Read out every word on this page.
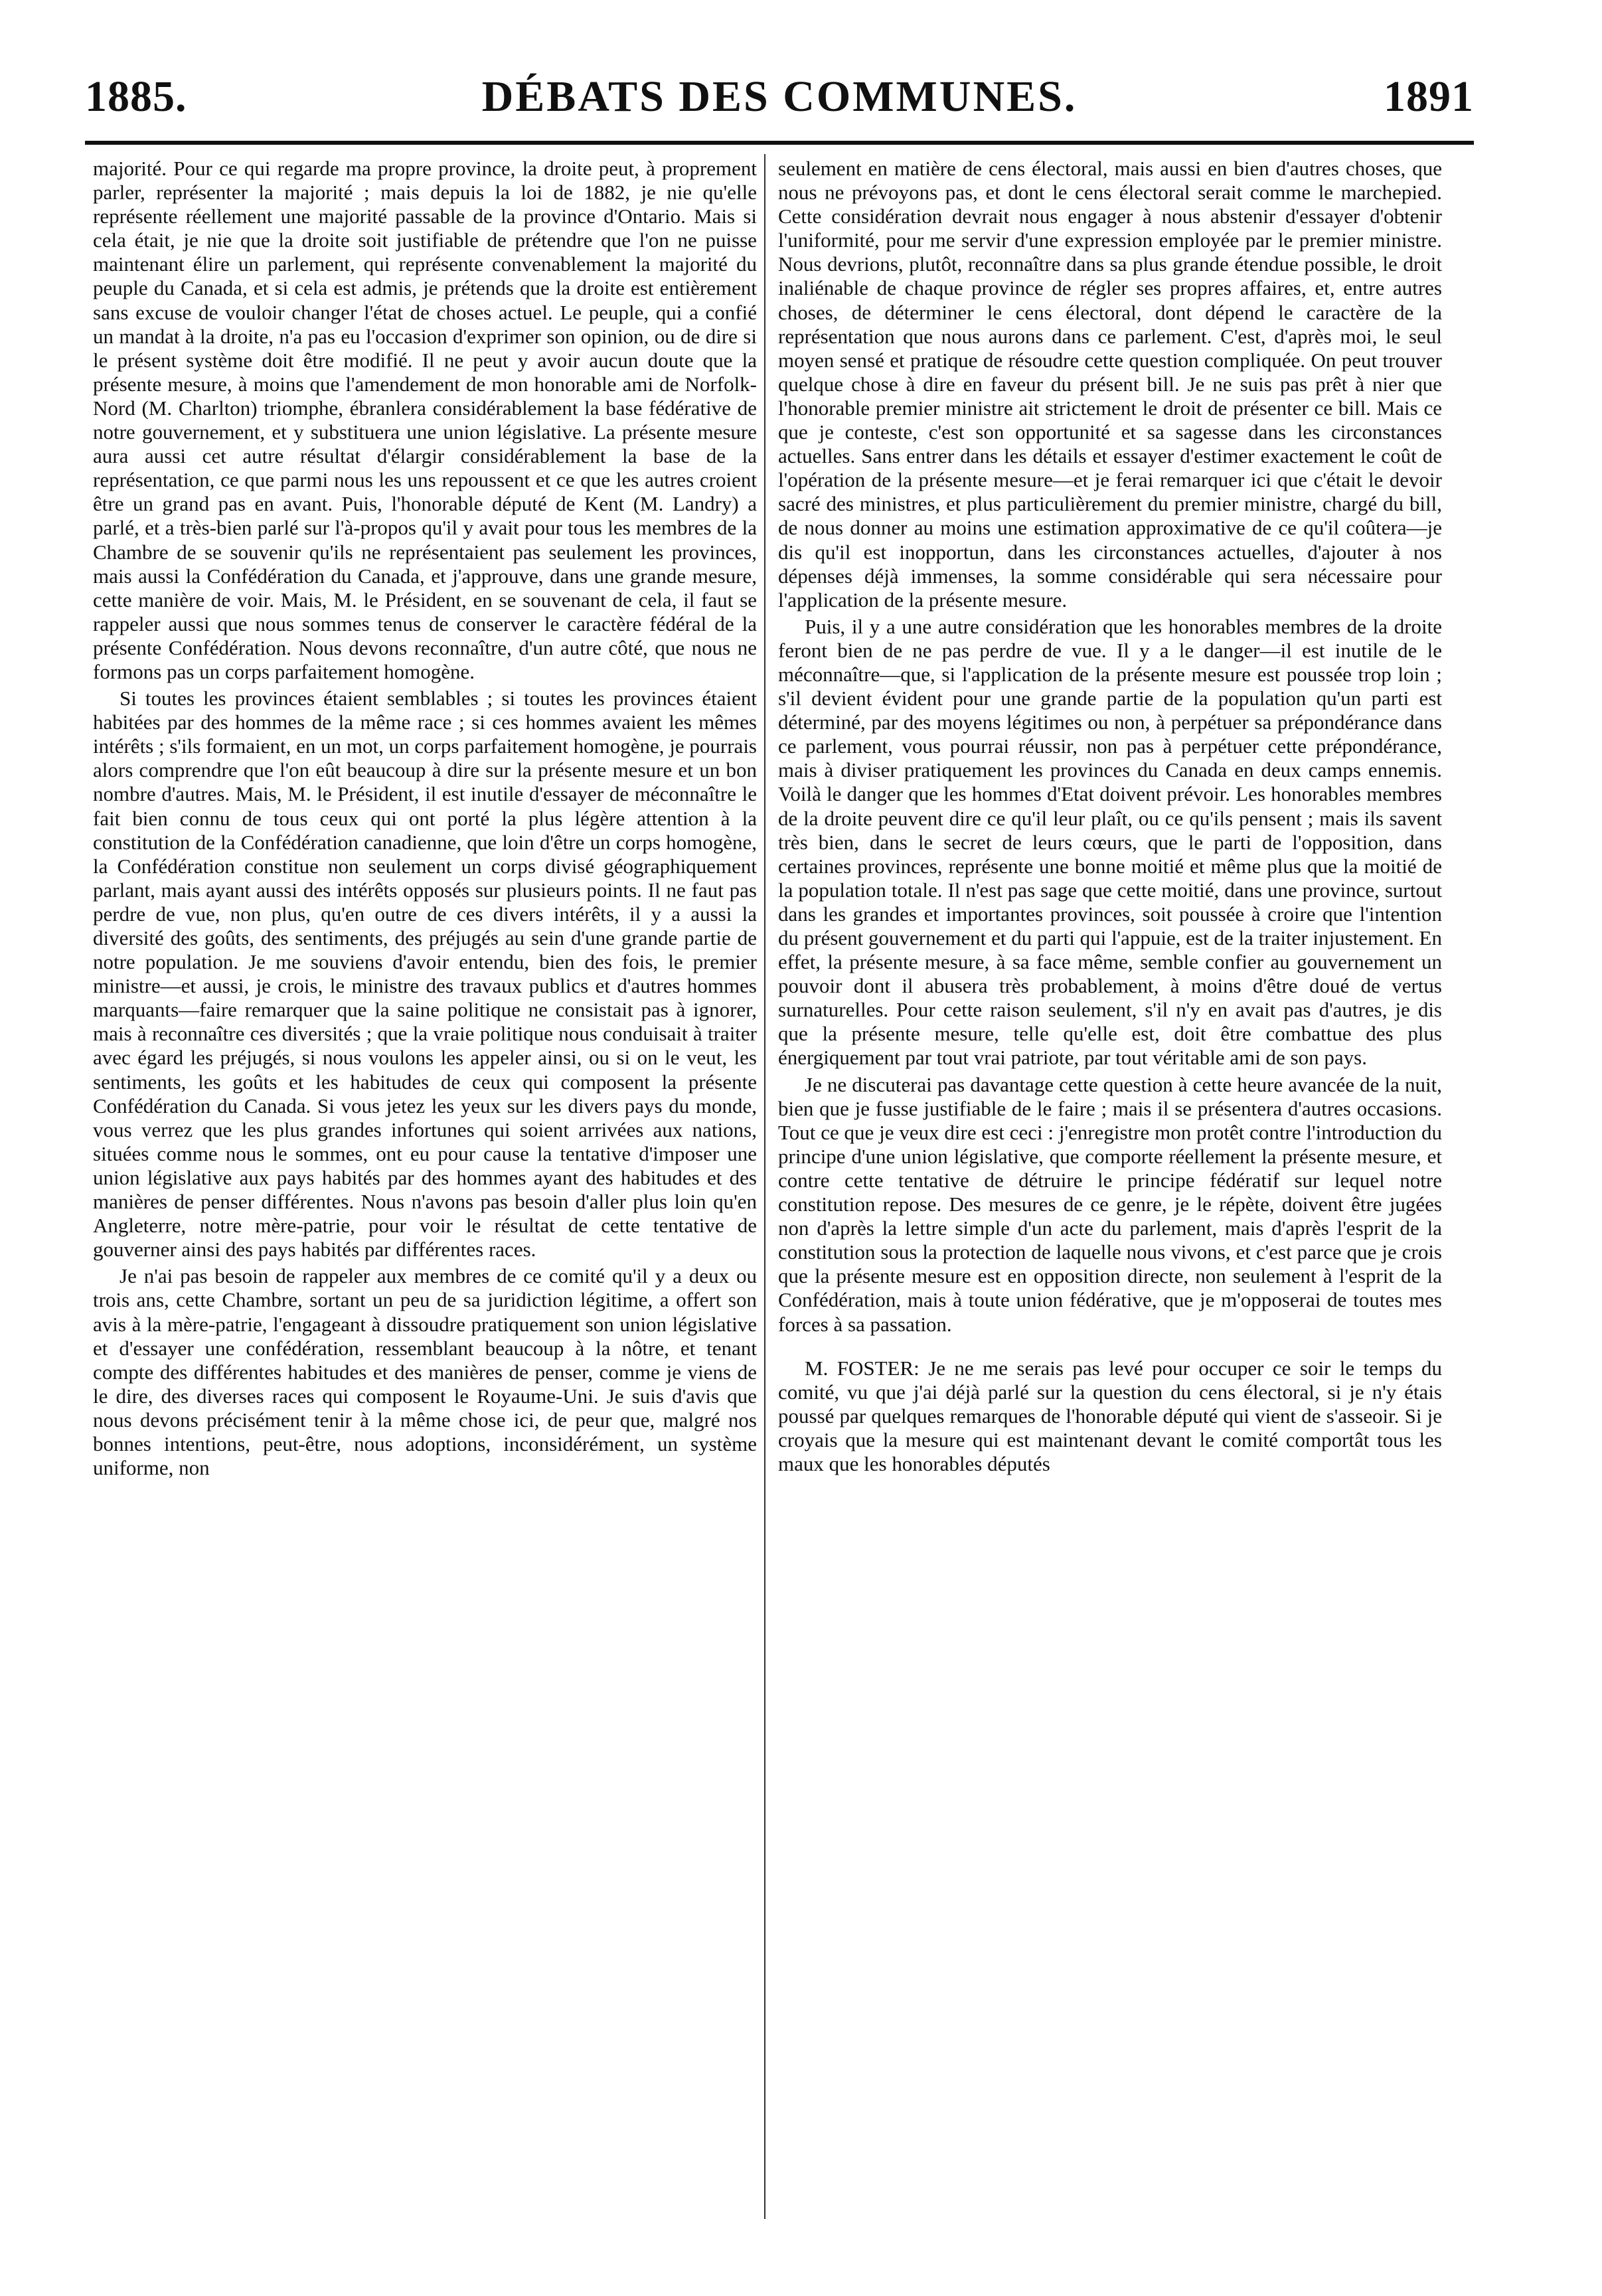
DÉBATS DES COMMUNES.
1885.	1891

majorité. Pour ce qui regarde ma propre province, la droite peut, à proprement parler, représenter la majorité ; mais depuis la loi de 1882, je nie qu'elle représente réellement une majorité passable de la province d'Ontario. Mais si cela était, je nie que la droite soit justifiable de prétendre que l'on ne puisse maintenant élire un parlement, qui représente convenablement la majorité du peuple du Canada, et si cela est admis, je prétends que la droite est entièrement sans excuse de vouloir changer l'état de choses actuel. Le peuple, qui a confié un mandat à la droite, n'a pas eu l'occasion d'exprimer son opinion, ou de dire si le présent système doit être modifié. Il ne peut y avoir aucun doute que la présente mesure, à moins que l'amendement de mon honorable ami de Norfolk-Nord (M. Charlton) triomphe, ébranlera considérablement la base fédérative de notre gouvernement, et y substituera une union législative. La présente mesure aura aussi cet autre résultat d'élargir considérablement la base de la représentation, ce que parmi nous les uns repoussent et ce que les autres croient être un grand pas en avant. Puis, l'honorable député de Kent (M. Landry) a parlé, et a très-bien parlé sur l'à-propos qu'il y avait pour tous les membres de la Chambre de se souvenir qu'ils ne représentaient pas seulement les provinces, mais aussi la Confédération du Canada, et j'approuve, dans une grande mesure, cette manière de voir. Mais, M. le Président, en se souvenant de cela, il faut se rappeler aussi que nous sommes tenus de conserver le caractère fédéral de la présente Confédération. Nous devons reconnaître, d'un autre côté, que nous ne formons pas un corps parfaitement homogène.

Si toutes les provinces étaient semblables ; si toutes les provinces étaient habitées par des hommes de la même race ; si ces hommes avaient les mêmes intérêts ; s'ils formaient, en un mot, un corps parfaitement homogène, je pourrais alors comprendre que l'on eût beaucoup à dire sur la présente mesure et un bon nombre d'autres. Mais, M. le Président, il est inutile d'essayer de méconnaître le fait bien connu de tous ceux qui ont porté la plus légère attention à la constitution de la Confédération canadienne, que loin d'être un corps homogène, la Confédération constitue non seulement un corps divisé géographiquement parlant, mais ayant aussi des intérêts opposés sur plusieurs points. Il ne faut pas perdre de vue, non plus, qu'en outre de ces divers intérêts, il y a aussi la diversité des goûts, des sentiments, des préjugés au sein d'une grande partie de notre population. Je me souviens d'avoir entendu, bien des fois, le premier ministre—et aussi, je crois, le ministre des travaux publics et d'autres hommes marquants—faire remarquer que la saine politique ne consistait pas à ignorer, mais à reconnaître ces diversités ; que la vraie politique nous conduisait à traiter avec égard les préjugés, si nous voulons les appeler ainsi, ou si on le veut, les sentiments, les goûts et les habitudes de ceux qui composent la présente Confédération du Canada. Si vous jetez les yeux sur les divers pays du monde, vous verrez que les plus grandes infortunes qui soient arrivées aux nations, situées comme nous le sommes, ont eu pour cause la tentative d'imposer une union législative aux pays habités par des hommes ayant des habitudes et des manières de penser différentes. Nous n'avons pas besoin d'aller plus loin qu'en Angleterre, notre mère-patrie, pour voir le résultat de cette tentative de gouverner ainsi des pays habités par différentes races.

Je n'ai pas besoin de rappeler aux membres de ce comité qu'il y a deux ou trois ans, cette Chambre, sortant un peu de sa juridiction légitime, a offert son avis à la mère-patrie, l'engageant à dissoudre pratiquement son union législative et d'essayer une confédération, ressemblant beaucoup à la nôtre, et tenant compte des différentes habitudes et des manières de penser, comme je viens de le dire, des diverses races qui composent le Royaume-Uni. Je suis d'avis que nous devons précisément tenir à la même chose ici, de peur que, malgré nos bonnes intentions, peut-être, nous adoptions, inconsidérément, un système uniforme, non

seulement en matière de cens électoral, mais aussi en bien d'autres choses, que nous ne prévoyons pas, et dont le cens électoral serait comme le marchepied. Cette considération devrait nous engager à nous abstenir d'essayer d'obtenir l'uniformité, pour me servir d'une expression employée par le premier ministre. Nous devrions, plutôt, reconnaître dans sa plus grande étendue possible, le droit inaliénable de chaque province de régler ses propres affaires, et, entre autres choses, de déterminer le cens électoral, dont dépend le caractère de la représentation que nous aurons dans ce parlement. C'est, d'après moi, le seul moyen sensé et pratique de résoudre cette question compliquée. On peut trouver quelque chose à dire en faveur du présent bill. Je ne suis pas prêt à nier que l'honorable premier ministre ait strictement le droit de présenter ce bill. Mais ce que je conteste, c'est son opportunité et sa sagesse dans les circonstances actuelles. Sans entrer dans les détails et essayer d'estimer exactement le coût de l'opération de la présente mesure—et je ferai remarquer ici que c'était le devoir sacré des ministres, et plus particulièrement du premier ministre, chargé du bill, de nous donner au moins une estimation approximative de ce qu'il coûtera—je dis qu'il est inopportun, dans les circonstances actuelles, d'ajouter à nos dépenses déjà immenses, la somme considérable qui sera nécessaire pour l'application de la présente mesure.

Puis, il y a une autre considération que les honorables membres de la droite feront bien de ne pas perdre de vue. Il y a le danger—il est inutile de le méconnaître—que, si l'application de la présente mesure est poussée trop loin ; s'il devient évident pour une grande partie de la population qu'un parti est déterminé, par des moyens légitimes ou non, à perpétuer sa prépondérance dans ce parlement, vous pourrai réussir, non pas à perpétuer cette prépondérance, mais à diviser pratiquement les provinces du Canada en deux camps ennemis. Voilà le danger que les hommes d'Etat doivent prévoir. Les honorables membres de la droite peuvent dire ce qu'il leur plaît, ou ce qu'ils pensent ; mais ils savent très bien, dans le secret de leurs cœurs, que le parti de l'opposition, dans certaines provinces, représente une bonne moitié et même plus que la moitié de la population totale. Il n'est pas sage que cette moitié, dans une province, surtout dans les grandes et importantes provinces, soit poussée à croire que l'intention du présent gouvernement et du parti qui l'appuie, est de la traiter injustement. En effet, la présente mesure, à sa face même, semble confier au gouvernement un pouvoir dont il abusera très probablement, à moins d'être doué de vertus surnaturelles. Pour cette raison seulement, s'il n'y en avait pas d'autres, je dis que la présente mesure, telle qu'elle est, doit être combattue des plus énergiquement par tout vrai patriote, par tout véritable ami de son pays.

Je ne discuterai pas davantage cette question à cette heure avancée de la nuit, bien que je fusse justifiable de le faire ; mais il se présentera d'autres occasions. Tout ce que je veux dire est ceci : j'enregistre mon protêt contre l'introduction du principe d'une union législative, que comporte réellement la présente mesure, et contre cette tentative de détruire le principe fédératif sur lequel notre constitution repose. Des mesures de ce genre, je le répète, doivent être jugées non d'après la lettre simple d'un acte du parlement, mais d'après l'esprit de la constitution sous la protection de laquelle nous vivons, et c'est parce que je crois que la présente mesure est en opposition directe, non seulement à l'esprit de la Confédération, mais à toute union fédérative, que je m'opposerai de toutes mes forces à sa passation.

M. FOSTER: Je ne me serais pas levé pour occuper ce soir le temps du comité, vu que j'ai déjà parlé sur la question du cens électoral, si je n'y étais poussé par quelques remarques de l'honorable député qui vient de s'asseoir. Si je croyais que la mesure qui est maintenant devant le comité comportât tous les maux que les honorables députés
